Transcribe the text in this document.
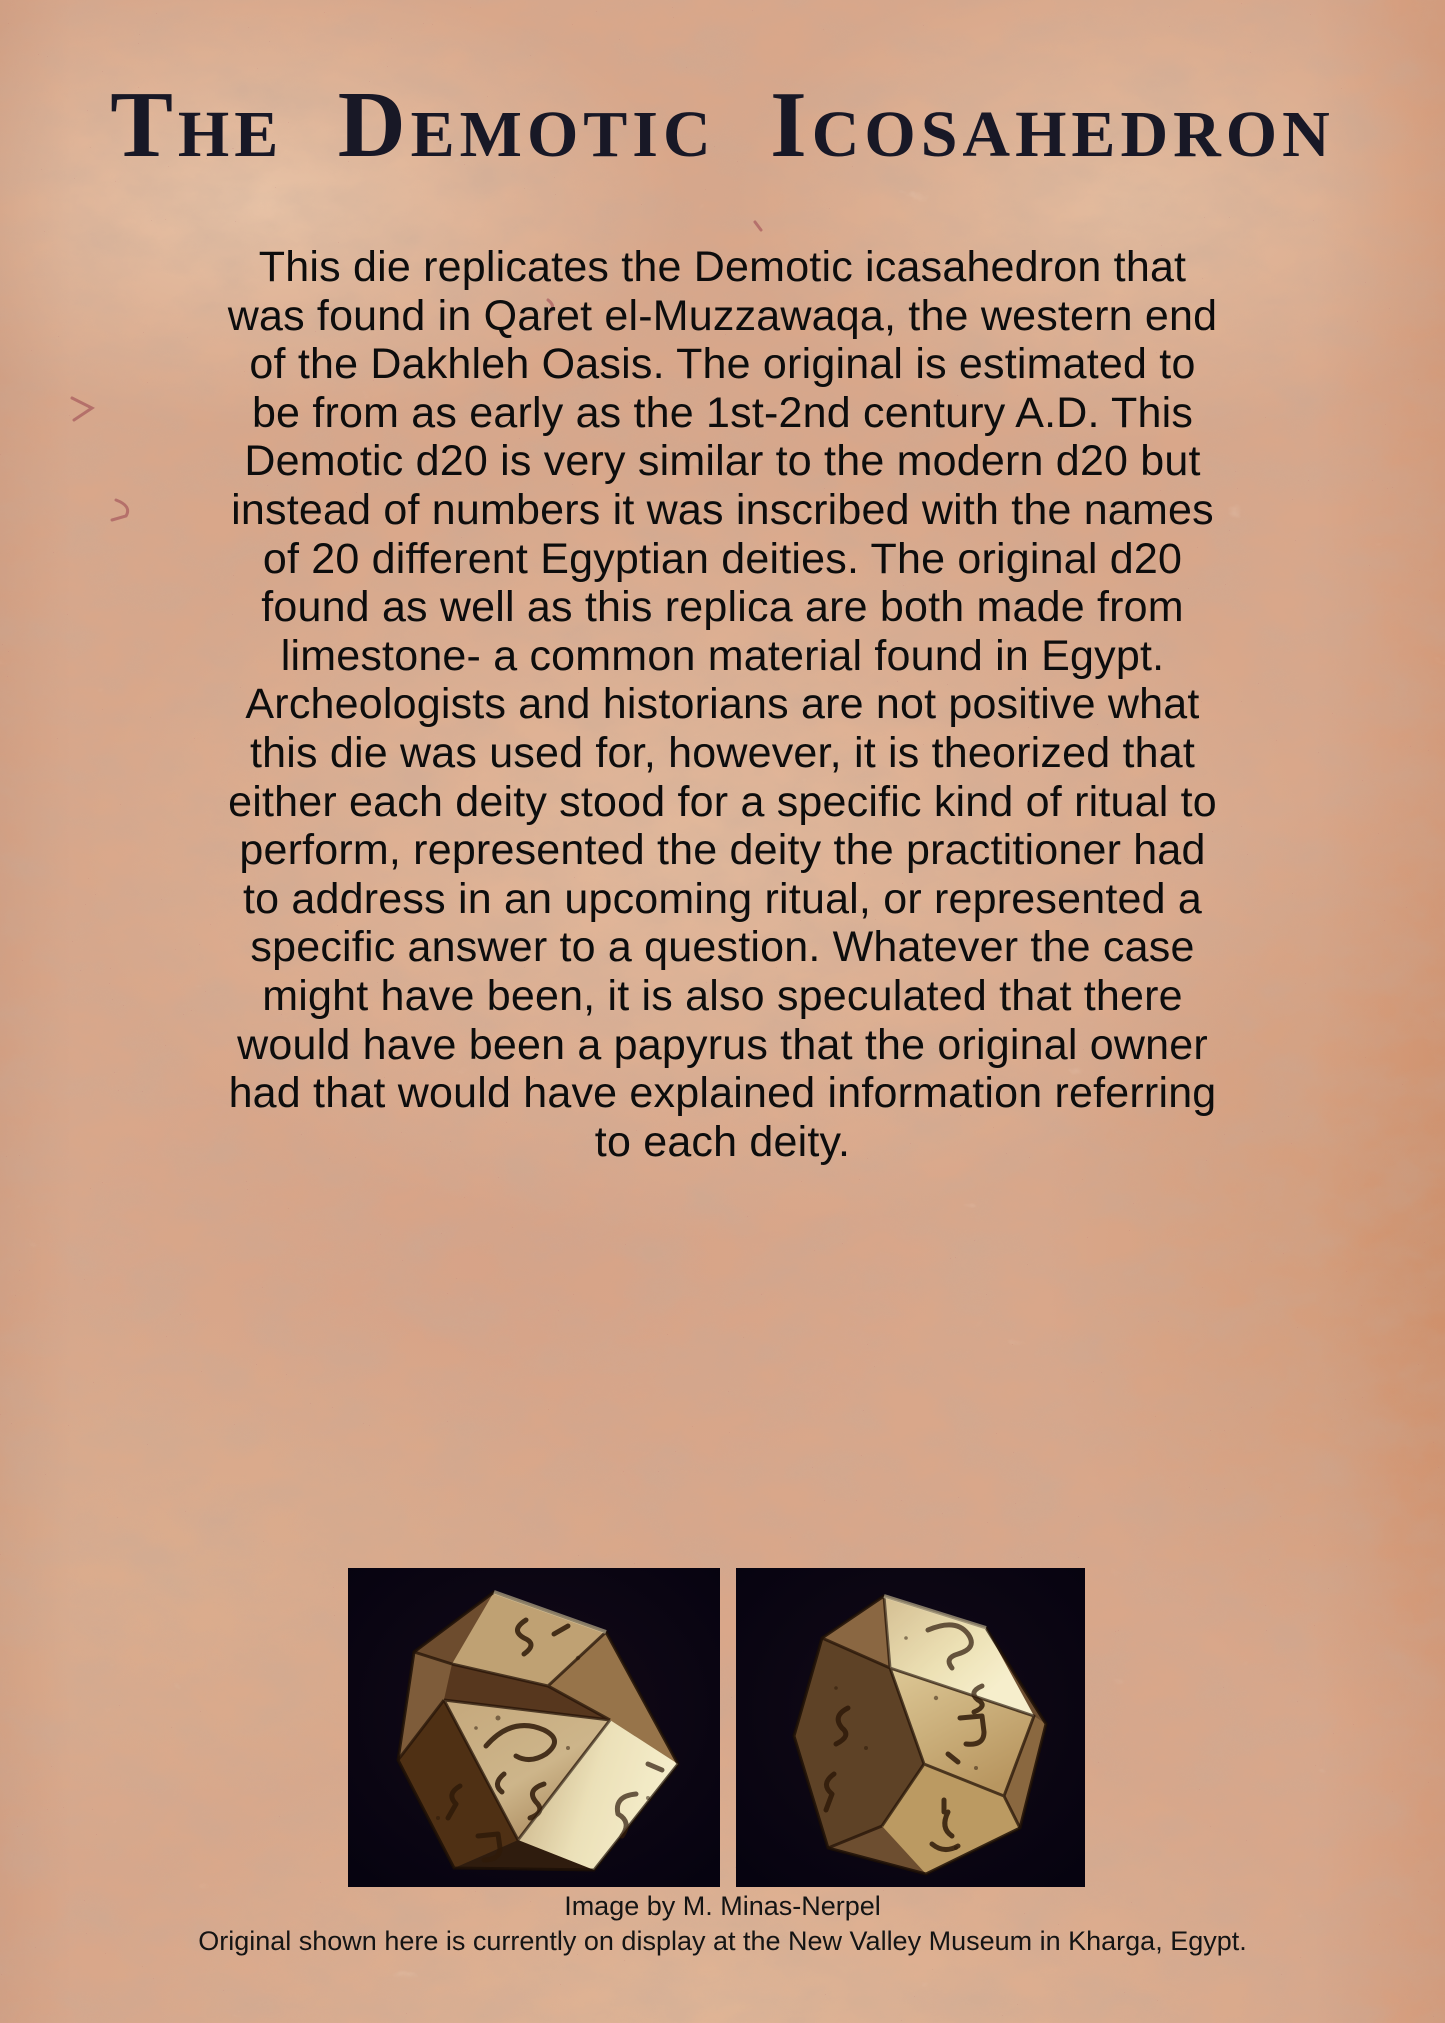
The Demotic Icosahedron
This die replicates the Demotic icasahedron that
was found in Qaret el-Muzzawaqa, the western end
of the Dakhleh Oasis. The original is estimated to
be from as early as the 1st-2nd century A.D. This
Demotic d20 is very similar to the modern d20 but
instead of numbers it was inscribed with the names
of 20 different Egyptian deities. The original d20
found as well as this replica are both made from
limestone- a common material found in Egypt.
Archeologists and historians are not positive what
this die was used for, however, it is theorized that
either each deity stood for a specific kind of ritual to
perform, represented the deity the practitioner had
to address in an upcoming ritual, or represented a
specific answer to a question. Whatever the case
might have been, it is also speculated that there
would have been a papyrus that the original owner
had that would have explained information referring
to each deity.
Image by M. Minas-Nerpel
Original shown here is currently on display at the New Valley Museum in Kharga, Egypt.
